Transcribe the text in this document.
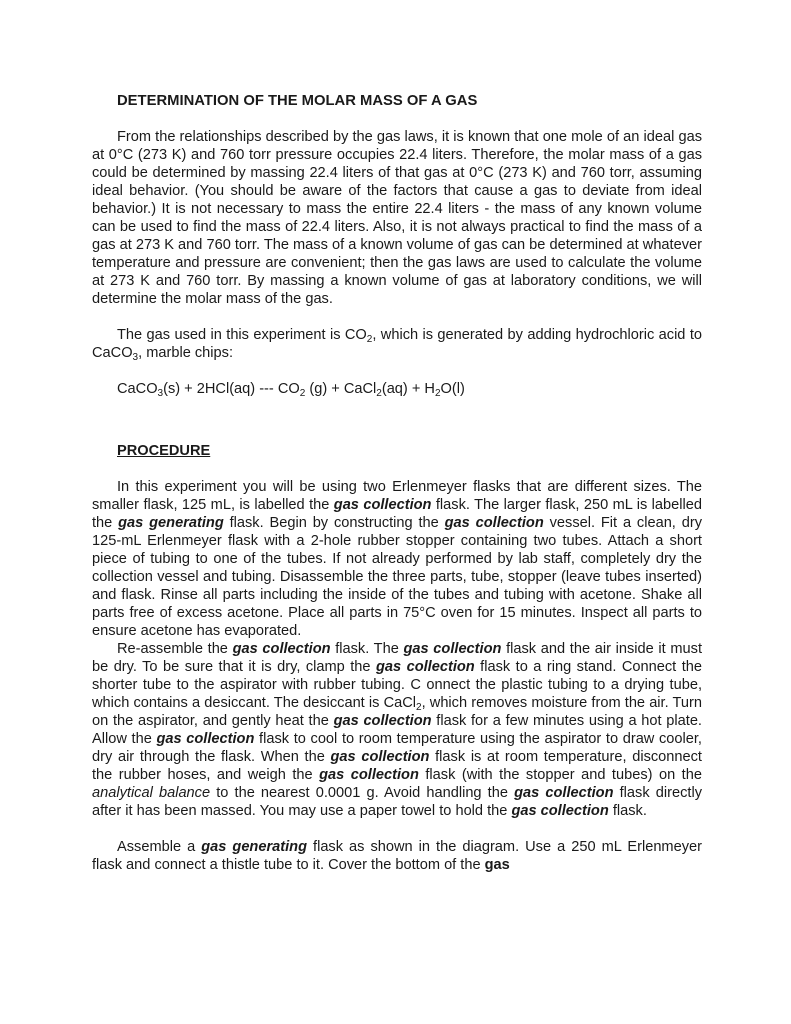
DETERMINATION OF THE MOLAR MASS OF A GAS

From the relationships described by the gas laws, it is known that one mole of an ideal gas at 0°C (273 K) and 760 torr pressure occupies 22.4 liters. Therefore, the molar mass of a gas could be determined by massing 22.4 liters of that gas at 0°C (273 K) and 760 torr, assuming ideal behavior. (You should be aware of the factors that cause a gas to deviate from ideal behavior.) It is not necessary to mass the entire 22.4 liters - the mass of any known volume can be used to find the mass of 22.4 liters. Also, it is not always practical to find the mass of a gas at 273 K and 760 torr. The mass of a known volume of gas can be determined at whatever temperature and pressure are convenient; then the gas laws are used to calculate the volume at 273 K and 760 torr. By massing a known volume of gas at laboratory conditions, we will determine the molar mass of the gas.

The gas used in this experiment is $CO_2$, which is generated by adding hydrochloric acid to CaCO$_3$, marble chips:

CaCO$_3$(s) + 2HCl(aq) --- $CO_2$ (g) + CaCl$_2$(aq) + $H_2O(l)$

PROCEDURE

In this experiment you will be using two Erlenmeyer flasks that are different sizes. The smaller flask, 125 mL, is labelled the gas collection flask. The larger flask, 250 mL is labelled the gas generating flask. Begin by constructing the gas collection vessel. Fit a clean, dry 125-mL Erlenmeyer flask with a 2-hole rubber stopper containing two tubes. Attach a short piece of tubing to one of the tubes. If not already performed by lab staff, completely dry the collection vessel and tubing. Disassemble the three parts, tube, stopper (leave tubes inserted) and flask. Rinse all parts including the inside of the tubes and tubing with acetone. Shake all parts free of excess acetone. Place all parts in 75°C oven for 15 minutes. Inspect all parts to ensure acetone has evaporated.

Re-assemble the gas collection flask. The gas collection flask and the air inside it must be dry. To be sure that it is dry, clamp the gas collection flask to a ring stand. Connect the shorter tube to the aspirator with rubber tubing. C onnect the plastic tubing to a drying tube, which contains a desiccant. The desiccant is CaCl$_2$, which removes moisture from the air. Turn on the aspirator, and gently heat the gas collection flask for a few minutes using a hot plate. Allow the gas collection flask to cool to room temperature using the aspirator to draw cooler, dry air through the flask. When the gas collection flask is at room temperature, disconnect the rubber hoses, and weigh the gas collection flask (with the stopper and tubes) on the analytical balance to the nearest 0.0001 g. Avoid handling the gas collection flask directly after it has been massed. You may use a paper towel to hold the gas collection flask.

Assemble a gas generating flask as shown in the diagram. Use a 250 mL Erlenmeyer flask and connect a thistle tube to it. Cover the bottom of the gas
